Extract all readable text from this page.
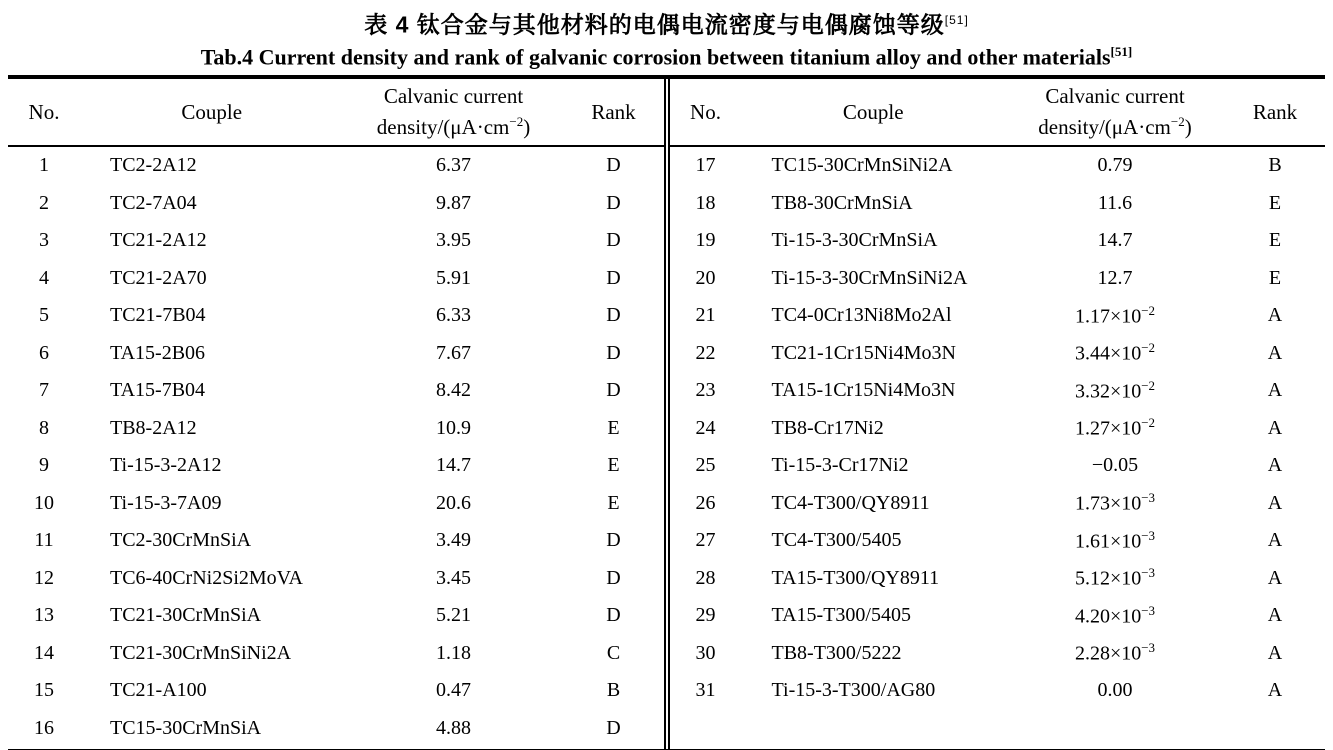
表 4 钛合金与其他材料的电偶电流密度与电偶腐蚀等级[51]
Tab.4 Current density and rank of galvanic corrosion between titanium alloy and other materials[51]
No.	Couple	Calvanic current
density/$(\mu A\cdot cm^{-2})$	Rank
1	TC2-2A12	6.37	D
2	TC2-7A04	9.87	D
3	TC21-2A12	3.95	D
4	TC21-2A70	5.91	D
5	TC21-7B04	6.33	D
6	TA15-2B06	7.67	D
7	TA15-7B04	8.42	D
8	TB8-2A12	10.9	E
9	Ti-15-3-2A12	14.7	E
10	Ti-15-3-7A09	20.6	E
11	TC2-30CrMnSiA	3.49	D
12	TC6-40CrNi2Si2MoVA	3.45	D
13	TC21-30CrMnSiA	5.21	D
14	TC21-30CrMnSiNi2A	1.18	C
15	TC21-A100	0.47	B
16	TC15-30CrMnSiA	4.88	D
No.	Couple	Calvanic current
density/$(\mu A\cdot cm^{-2})$	Rank
17	TC15-30CrMnSiNi2A	0.79	B
18	TB8-30CrMnSiA	11.6	E
19	Ti-15-3-30CrMnSiA	14.7	E
20	Ti-15-3-30CrMnSiNi2A	12.7	E
21	TC4-0Cr13Ni8Mo2Al	$1.17\times 10^{-2}$	A
22	TC21-1Cr15Ni4Mo3N	$3.44\times 10^{-2}$	A
23	TA15-1Cr15Ni4Mo3N	$3.32\times 10^{-2}$	A
24	TB8-Cr17Ni2	$1.27\times 10^{-2}$	A
25	Ti-15-3-Cr17Ni2	−0.05	A
26	TC4-T300/QY8911	$1.73\times 10^{-3}$	A
27	TC4-T300/5405	$1.61\times 10^{-3}$	A
28	TA15-T300/QY8911	$5.12\times 10^{-3}$	A
29	TA15-T300/5405	$4.20\times 10^{-3}$	A
30	TB8-T300/5222	$2.28\times 10^{-3}$	A
31	Ti-15-3-T300/AG80	0.00	A
